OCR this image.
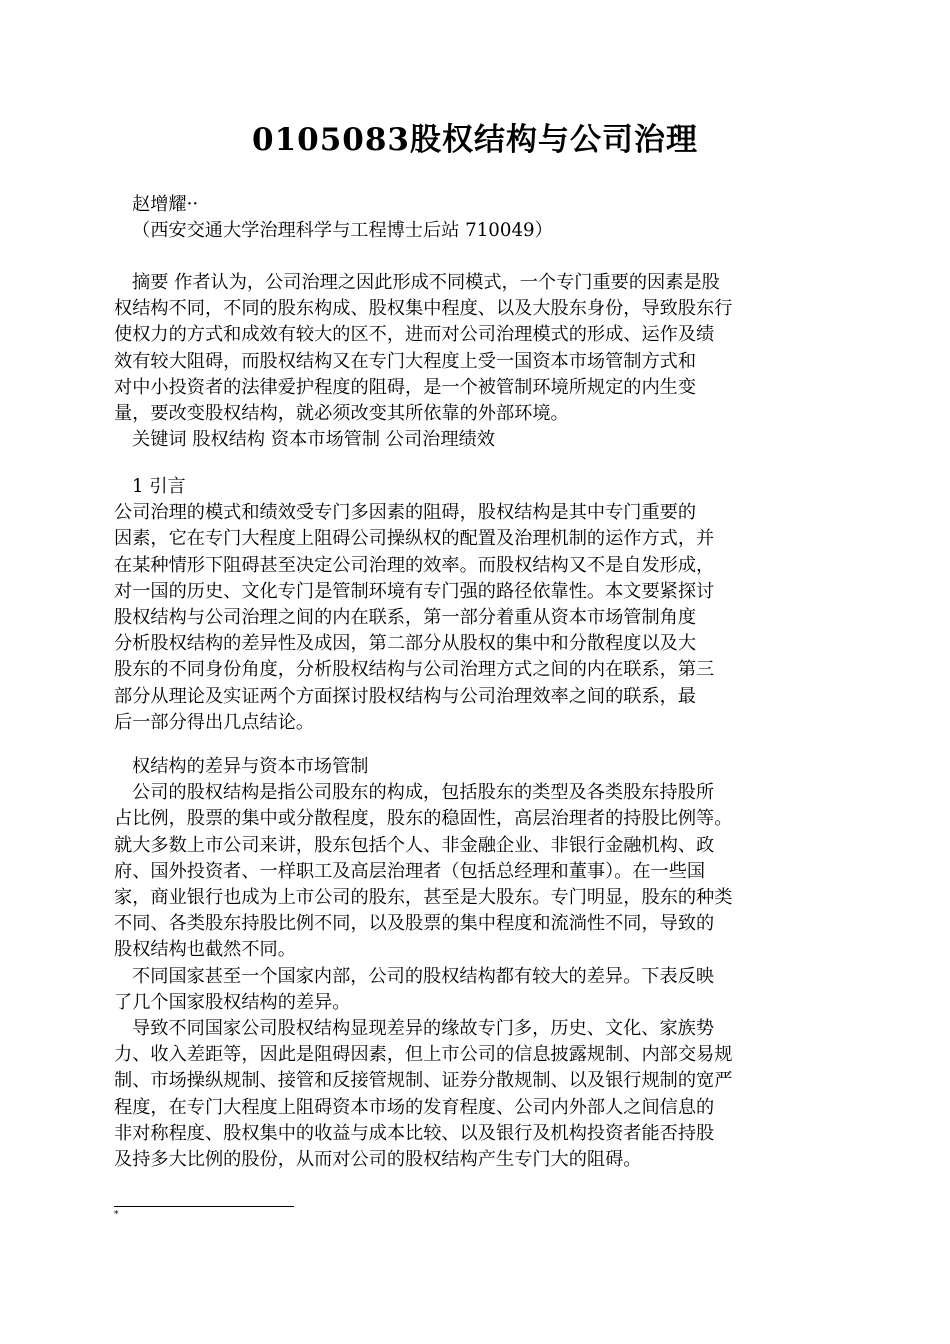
0105083股权结构与公司治理
赵增耀··
（西安交通大学治理科学与工程博士后站 710049）
摘要 作者认为，公司治理之因此形成不同模式，一个专门重要的因素是股
权结构不同，不同的股东构成、股权集中程度、以及大股东身份，导致股东行
使权力的方式和成效有较大的区不，进而对公司治理模式的形成、运作及绩
效有较大阻碍，而股权结构又在专门大程度上受一国资本市场管制方式和
对中小投资者的法律爱护程度的阻碍，是一个被管制环境所规定的内生变
量，要改变股权结构，就必须改变其所依靠的外部环境。
关键词 股权结构 资本市场管制 公司治理绩效
1 引言
公司治理的模式和绩效受专门多因素的阻碍，股权结构是其中专门重要的
因素，它在专门大程度上阻碍公司操纵权的配置及治理机制的运作方式，并
在某种情形下阻碍甚至决定公司治理的效率。而股权结构又不是自发形成，
对一国的历史、文化专门是管制环境有专门强的路径依靠性。本文要紧探讨
股权结构与公司治理之间的内在联系，第一部分着重从资本市场管制角度
分析股权结构的差异性及成因，第二部分从股权的集中和分散程度以及大
股东的不同身份角度，分析股权结构与公司治理方式之间的内在联系，第三
部分从理论及实证两个方面探讨股权结构与公司治理效率之间的联系，最
后一部分得出几点结论。
权结构的差异与资本市场管制
公司的股权结构是指公司股东的构成，包括股东的类型及各类股东持股所
占比例，股票的集中或分散程度，股东的稳固性，高层治理者的持股比例等。
就大多数上市公司来讲，股东包括个人、非金融企业、非银行金融机构、政
府、国外投资者、一样职工及高层治理者（包括总经理和董事）。在一些国
家，商业银行也成为上市公司的股东，甚至是大股东。专门明显，股东的种类
不同、各类股东持股比例不同，以及股票的集中程度和流淌性不同，导致的
股权结构也截然不同。
不同国家甚至一个国家内部，公司的股权结构都有较大的差异。下表反映
了几个国家股权结构的差异。
导致不同国家公司股权结构显现差异的缘故专门多，历史、文化、家族势
力、收入差距等，因此是阻碍因素，但上市公司的信息披露规制、内部交易规
制、市场操纵规制、接管和反接管规制、证券分散规制、以及银行规制的宽严
程度，在专门大程度上阻碍资本市场的发育程度、公司内外部人之间信息的
非对称程度、股权集中的收益与成本比较、以及银行及机构投资者能否持股
及持多大比例的股份，从而对公司的股权结构产生专门大的阻碍。
*
